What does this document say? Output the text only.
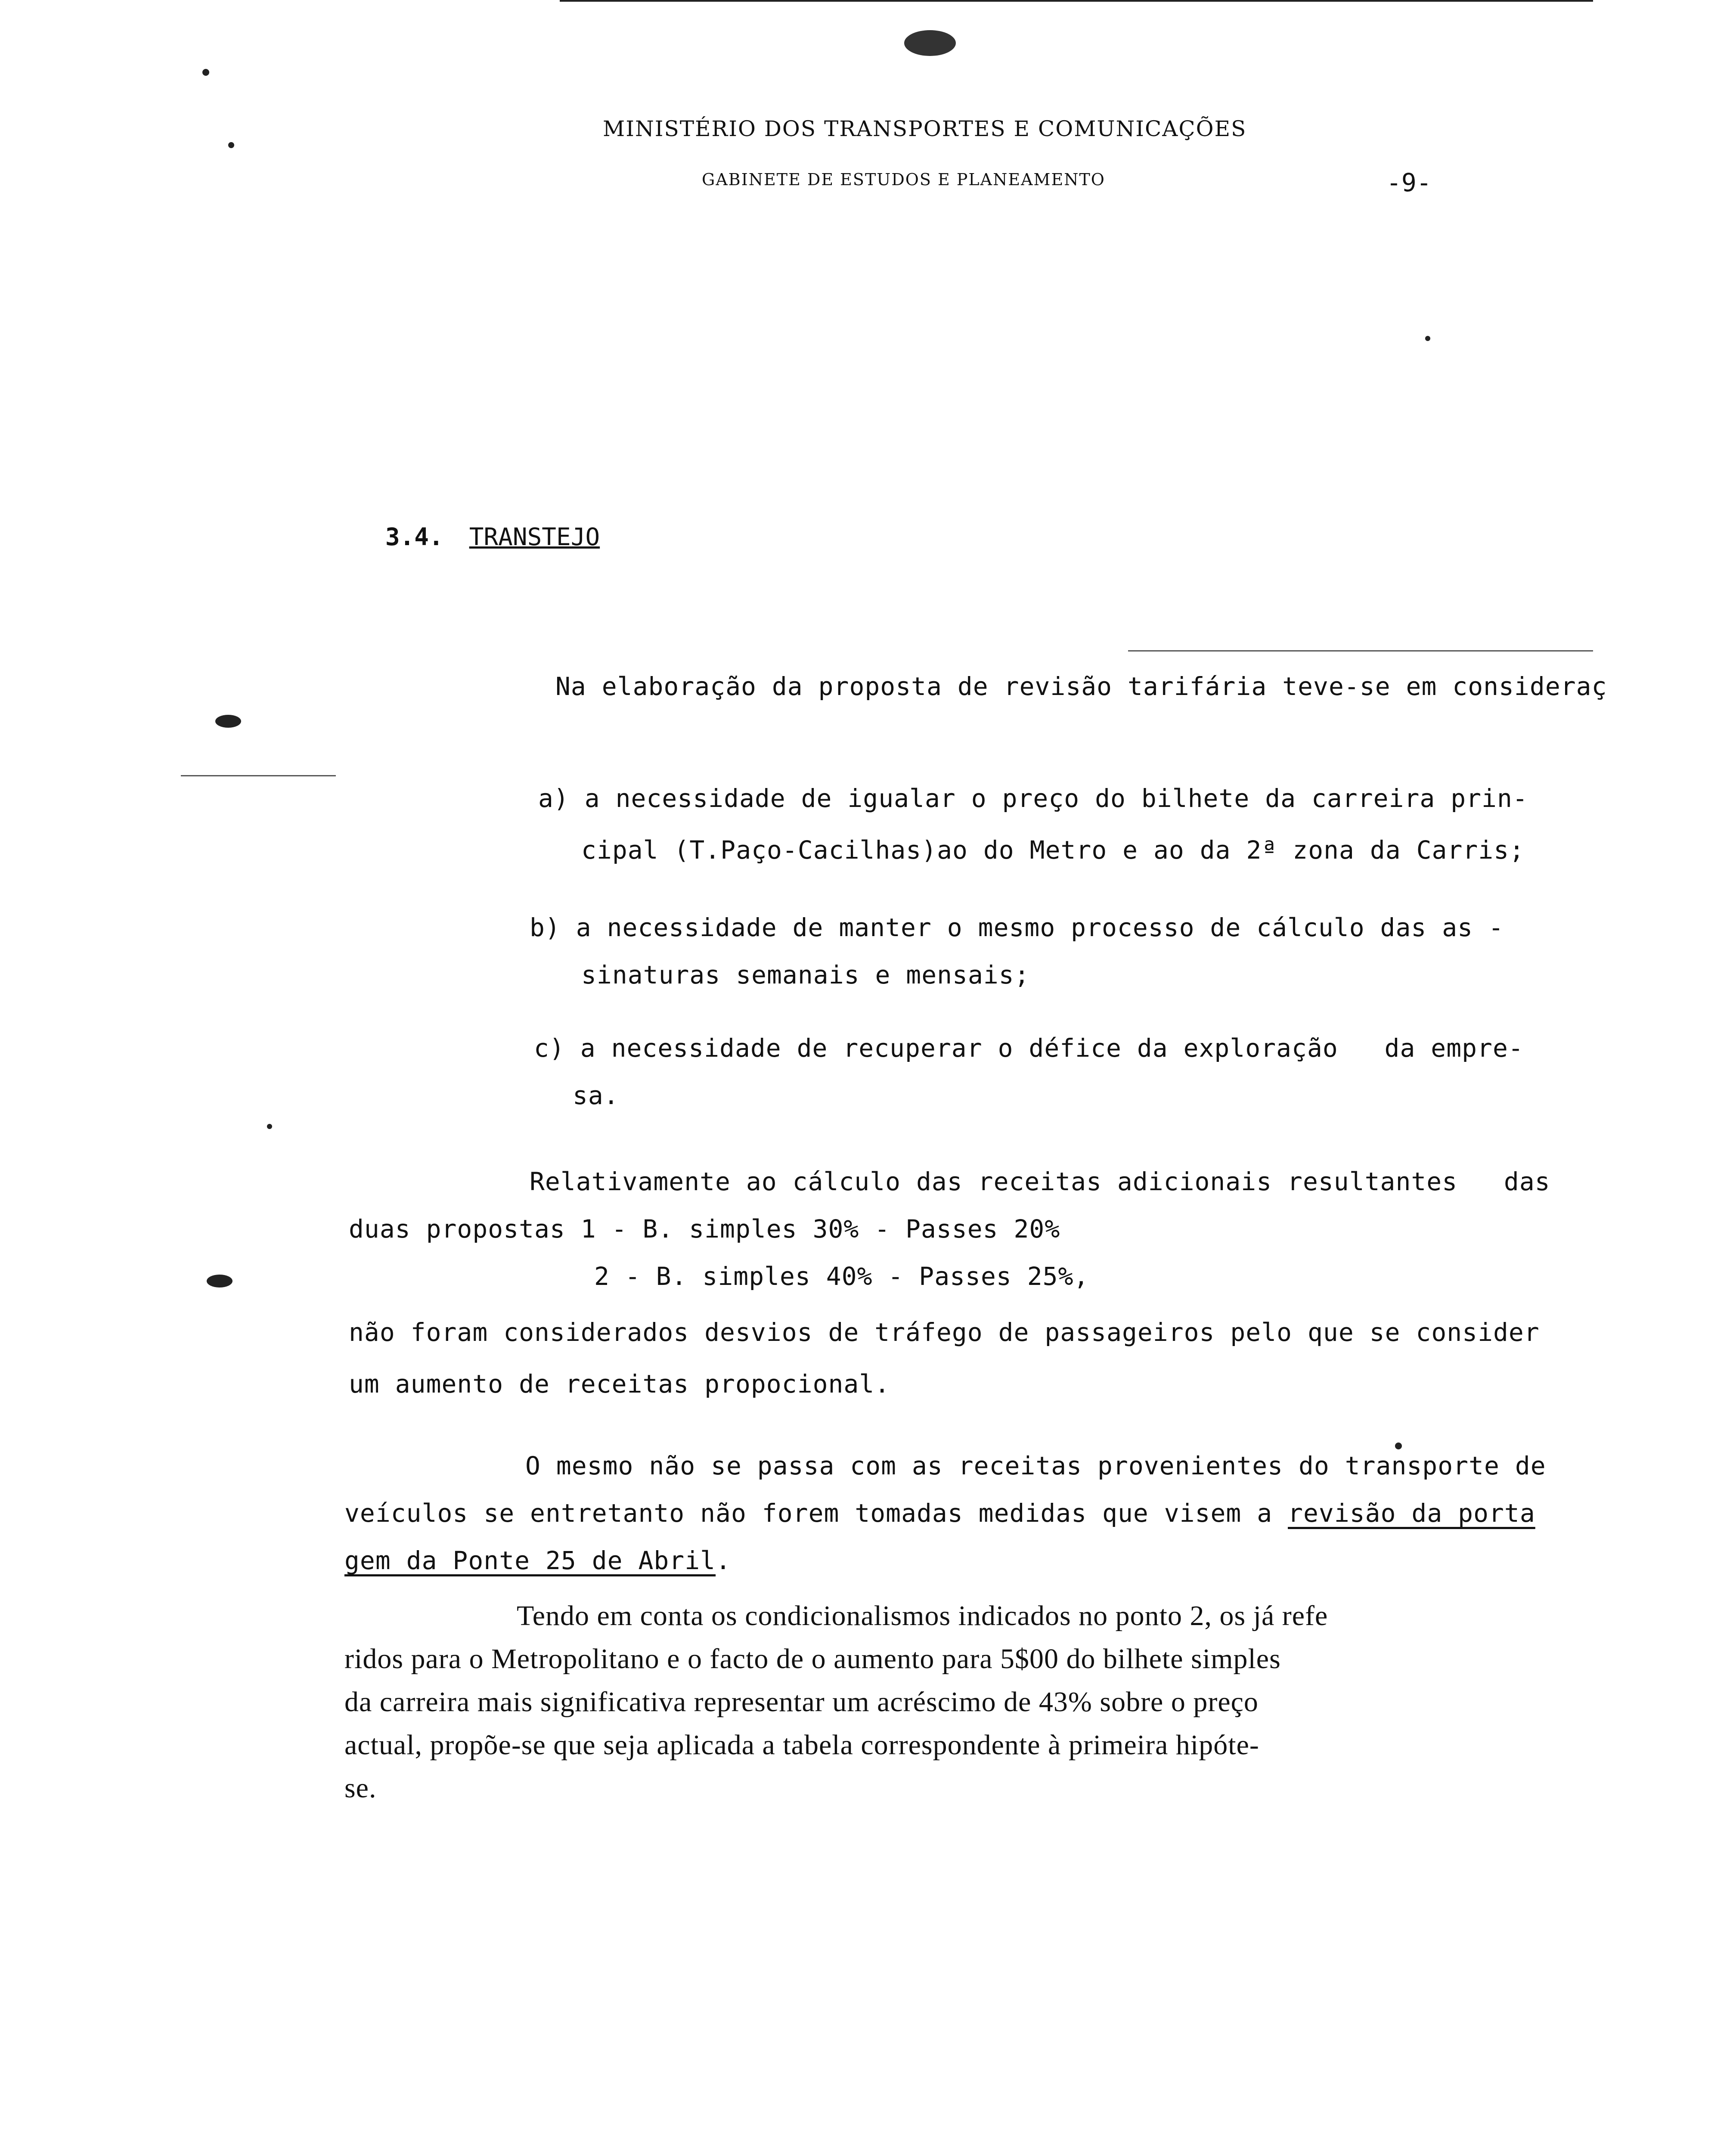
MINISTÉRIO DOS TRANSPORTES E COMUNICAÇÕES
GABINETE DE ESTUDOS E PLANEAMENTO	-9-

3.4. TRANSTEJO

Na elaboração da proposta de revisão tarifária teve-se em consideraç
a) a necessidade de igualar o preço do bilhete da carreira prin-
cipal (T.Paço-Cacilhas)ao do Metro e ao da 2ª zona da Carris;
b) a necessidade de manter o mesmo processo de cálculo das as -
sinaturas semanais e mensais;
c) a necessidade de recuperar o défice da exploração   da empre-
sa.
Relativamente ao cálculo das receitas adicionais resultantes   das
duas propostas 1 - B. simples 30% - Passes 20%
2 - B. simples 40% - Passes 25%,
não foram considerados desvios de tráfego de passageiros pelo que se consider
um aumento de receitas propocional.
O mesmo não se passa com as receitas provenientes do transporte de
veículos se entretanto não forem tomadas medidas que visem a revisão da porta
gem da Ponte 25 de Abril.
Tendo em conta os condicionalismos indicados no ponto 2, os já refe
ridos para o Metropolitano e o facto de o aumento para 5$00 do bilhete simples
da carreira mais significativa representar um acréscimo de 43% sobre o preço
actual, propõe-se que seja aplicada a tabela correspondente à primeira hipóte-
se.
